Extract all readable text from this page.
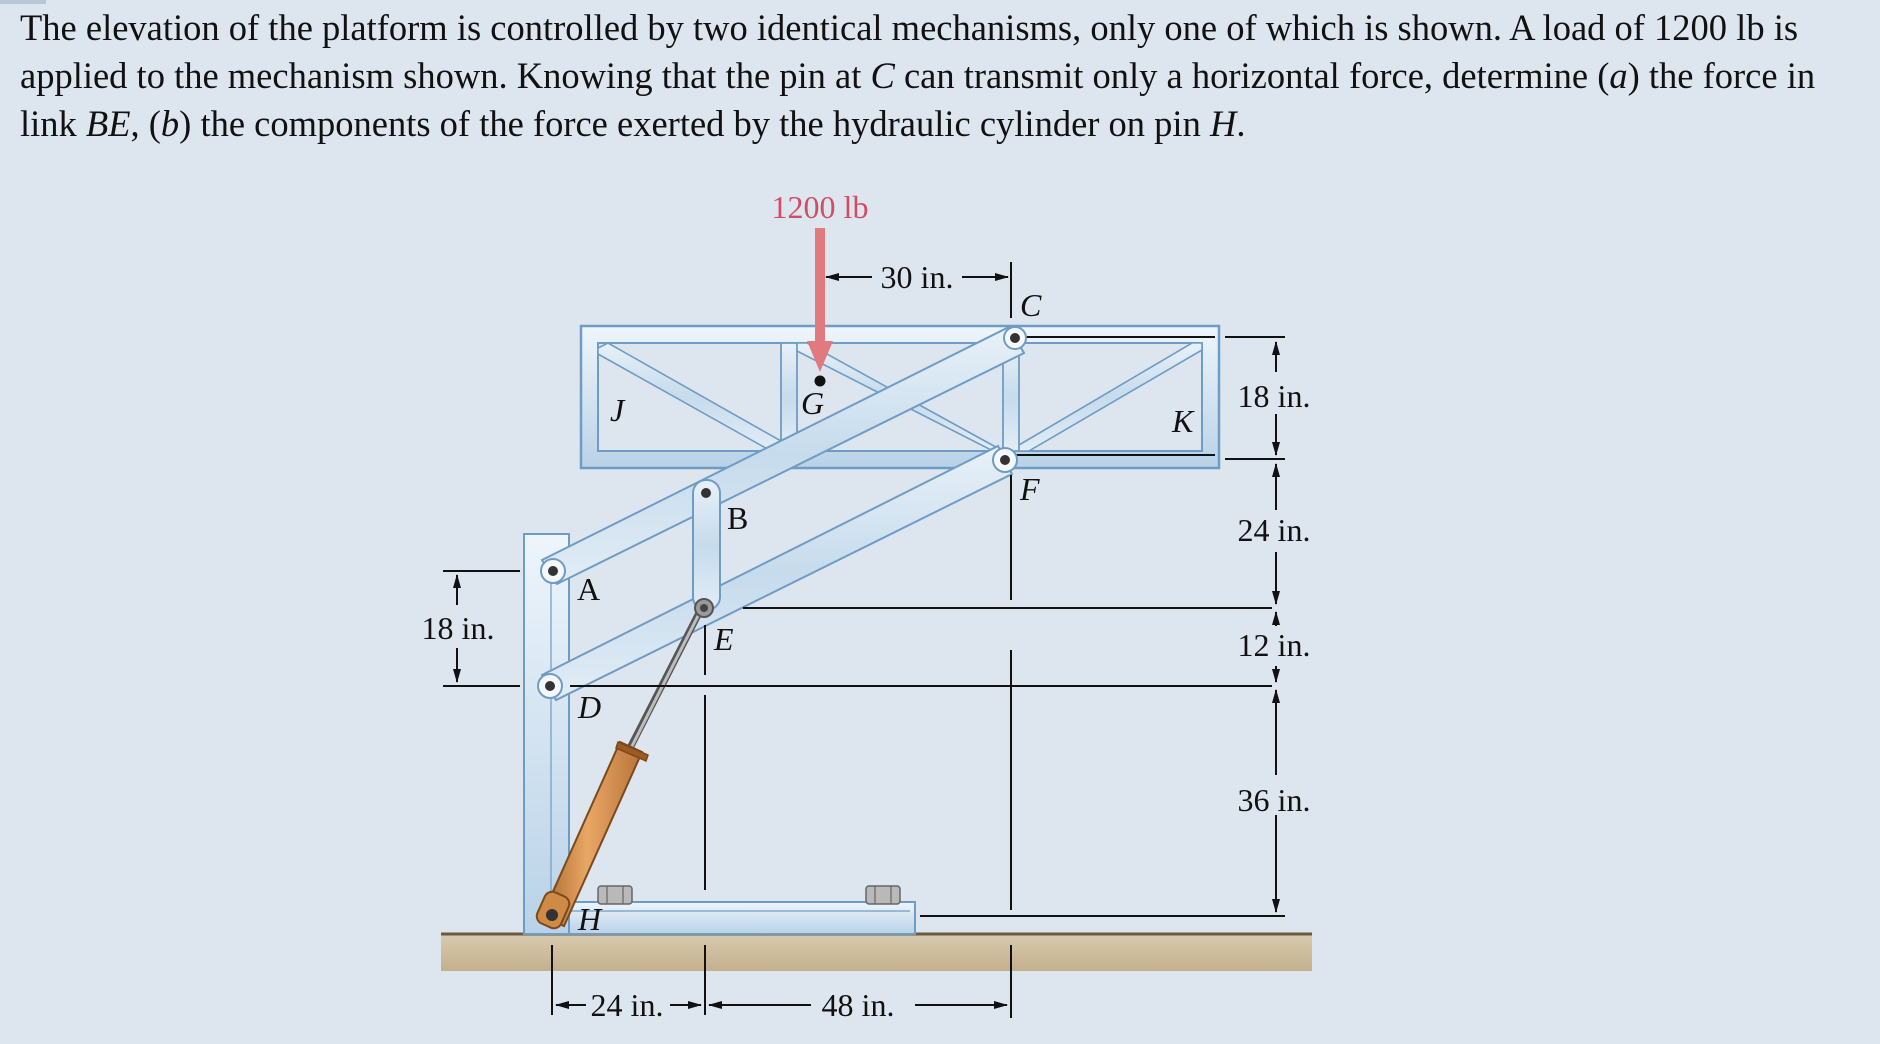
The elevation of the platform is controlled by two identical mechanisms, only one of which is shown. A load of 1200 lb is applied to the mechanism shown. Knowing that the pin at C can transmit only a horizontal force, determine (a) the force in link BE, (b) the components of the force exerted by the hydraulic cylinder on pin H.

1200 lb
C
G
J	K
F
B
A
E
D
H
30 in.
18 in.
24 in.
12 in.
36 in.
18 in.
24 in.	48 in.
